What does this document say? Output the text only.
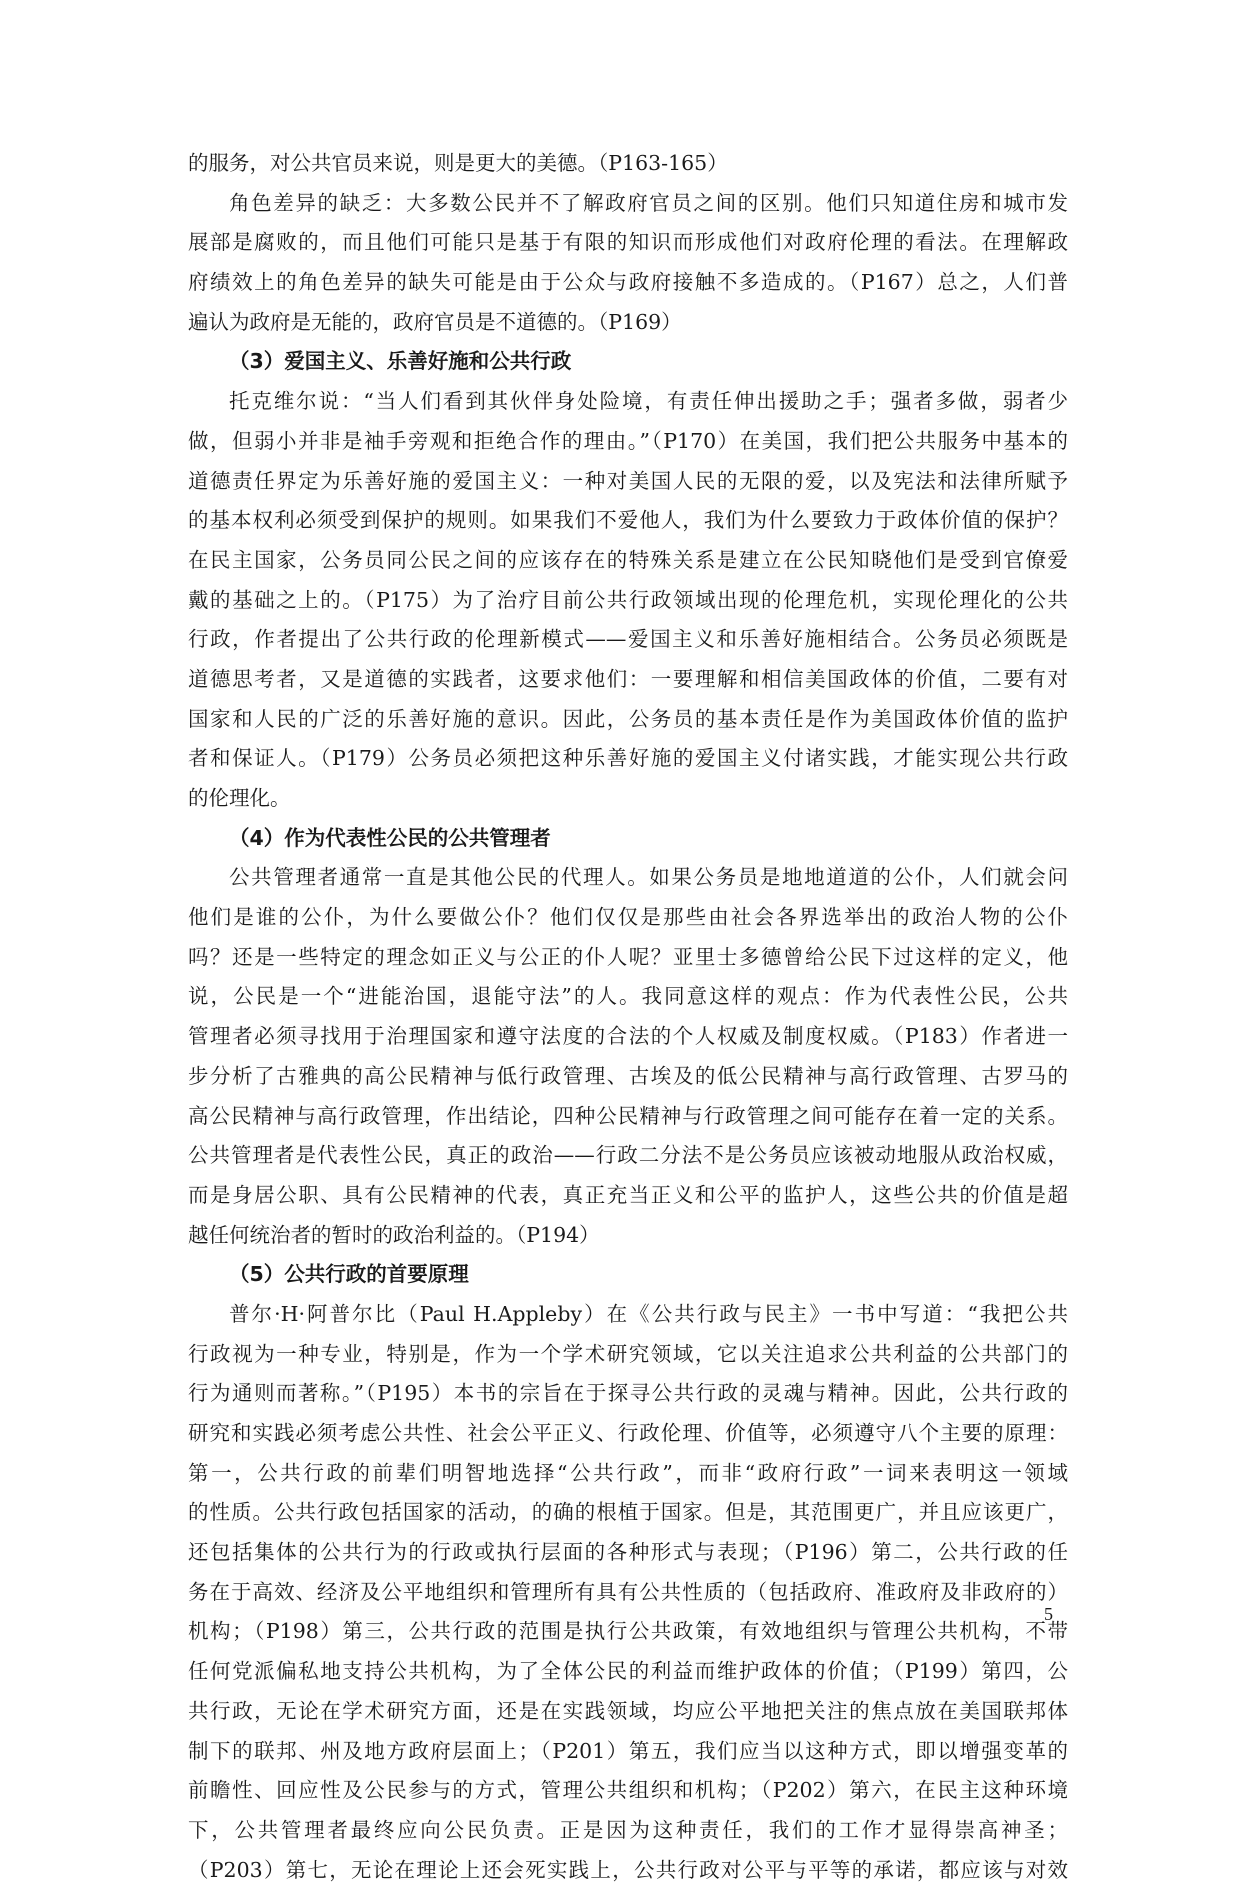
的服务，对公共官员来说，则是更大的美德。（P163-165）
角色差异的缺乏：大多数公民并不了解政府官员之间的区别。他们只知道住房和城市发
展部是腐败的，而且他们可能只是基于有限的知识而形成他们对政府伦理的看法。在理解政
府绩效上的角色差异的缺失可能是由于公众与政府接触不多造成的。（P167）总之，人们普
遍认为政府是无能的，政府官员是不道德的。（P169）
（3）爱国主义、乐善好施和公共行政
托克维尔说：“当人们看到其伙伴身处险境，有责任伸出援助之手；强者多做，弱者少
做，但弱小并非是袖手旁观和拒绝合作的理由。”（P170）在美国，我们把公共服务中基本的
道德责任界定为乐善好施的爱国主义：一种对美国人民的无限的爱，以及宪法和法律所赋予
的基本权利必须受到保护的规则。如果我们不爱他人，我们为什么要致力于政体价值的保护？
在民主国家，公务员同公民之间的应该存在的特殊关系是建立在公民知晓他们是受到官僚爱
戴的基础之上的。（P175）为了治疗目前公共行政领域出现的伦理危机，实现伦理化的公共
行政，作者提出了公共行政的伦理新模式——爱国主义和乐善好施相结合。公务员必须既是
道德思考者，又是道德的实践者，这要求他们：一要理解和相信美国政体的价值，二要有对
国家和人民的广泛的乐善好施的意识。因此，公务员的基本责任是作为美国政体价值的监护
者和保证人。（P179）公务员必须把这种乐善好施的爱国主义付诸实践，才能实现公共行政
的伦理化。
（4）作为代表性公民的公共管理者
公共管理者通常一直是其他公民的代理人。如果公务员是地地道道的公仆，人们就会问
他们是谁的公仆，为什么要做公仆？他们仅仅是那些由社会各界选举出的政治人物的公仆
吗？还是一些特定的理念如正义与公正的仆人呢？亚里士多德曾给公民下过这样的定义，他
说，公民是一个“进能治国，退能守法”的人。我同意这样的观点：作为代表性公民，公共
管理者必须寻找用于治理国家和遵守法度的合法的个人权威及制度权威。（P183）作者进一
步分析了古雅典的高公民精神与低行政管理、古埃及的低公民精神与高行政管理、古罗马的
高公民精神与高行政管理，作出结论，四种公民精神与行政管理之间可能存在着一定的关系。
公共管理者是代表性公民，真正的政治——行政二分法不是公务员应该被动地服从政治权威，
而是身居公职、具有公民精神的代表，真正充当正义和公平的监护人，这些公共的价值是超
越任何统治者的暂时的政治利益的。（P194）
（5）公共行政的首要原理
普尔·H·阿普尔比（Paul H.Appleby）在《公共行政与民主》一书中写道：“我把公共
行政视为一种专业，特别是，作为一个学术研究领域，它以关注追求公共利益的公共部门的
行为通则而著称。”（P195）本书的宗旨在于探寻公共行政的灵魂与精神。因此，公共行政的
研究和实践必须考虑公共性、社会公平正义、行政伦理、价值等，必须遵守八个主要的原理：
第一，公共行政的前辈们明智地选择“公共行政”，而非“政府行政”一词来表明这一领域
的性质。公共行政包括国家的活动，的确的根植于国家。但是，其范围更广，并且应该更广，
还包括集体的公共行为的行政或执行层面的各种形式与表现；（P196）第二，公共行政的任
务在于高效、经济及公平地组织和管理所有具有公共性质的（包括政府、准政府及非政府的）
机构；（P198）第三，公共行政的范围是执行公共政策，有效地组织与管理公共机构，不带
任何党派偏私地支持公共机构，为了全体公民的利益而维护政体的价值；（P199）第四，公
共行政，无论在学术研究方面，还是在实践领域，均应公平地把关注的焦点放在美国联邦体
制下的联邦、州及地方政府层面上；（P201）第五，我们应当以这种方式，即以增强变革的
前瞻性、回应性及公民参与的方式，管理公共组织和机构；（P202）第六，在民主这种环境
下，公共管理者最终应向公民负责。正是因为这种责任，我们的工作才显得崇高神圣；
（P203）第七，无论在理论上还会死实践上，公共行政对公平与平等的承诺，都应该与对效
5
